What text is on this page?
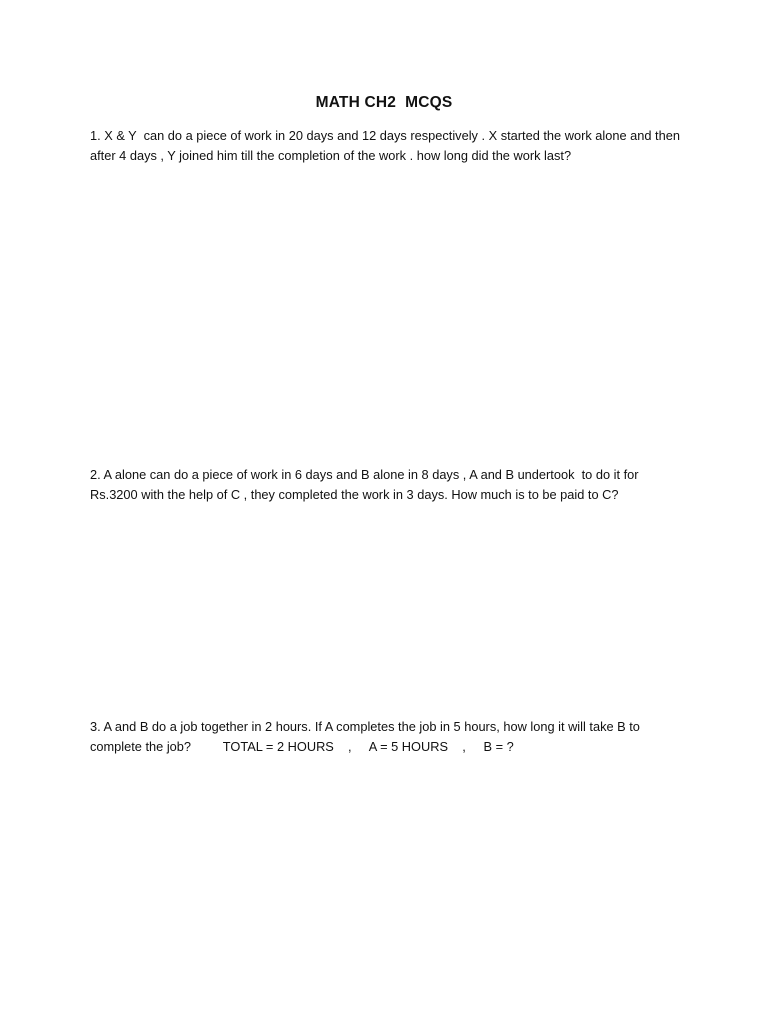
MATH CH2  MCQS
1. X & Y  can do a piece of work in 20 days and 12 days respectively . X started the work alone and then
after 4 days , Y joined him till the completion of the work . how long did the work last?
2. A alone can do a piece of work in 6 days and B alone in 8 days , A and B undertook  to do it for
Rs.3200 with the help of C , they completed the work in 3 days. How much is to be paid to C?
3. A and B do a job together in 2 hours. If A completes the job in 5 hours, how long it will take B to
complete the job?         TOTAL = 2 HOURS    ,     A = 5 HOURS    ,     B = ?
